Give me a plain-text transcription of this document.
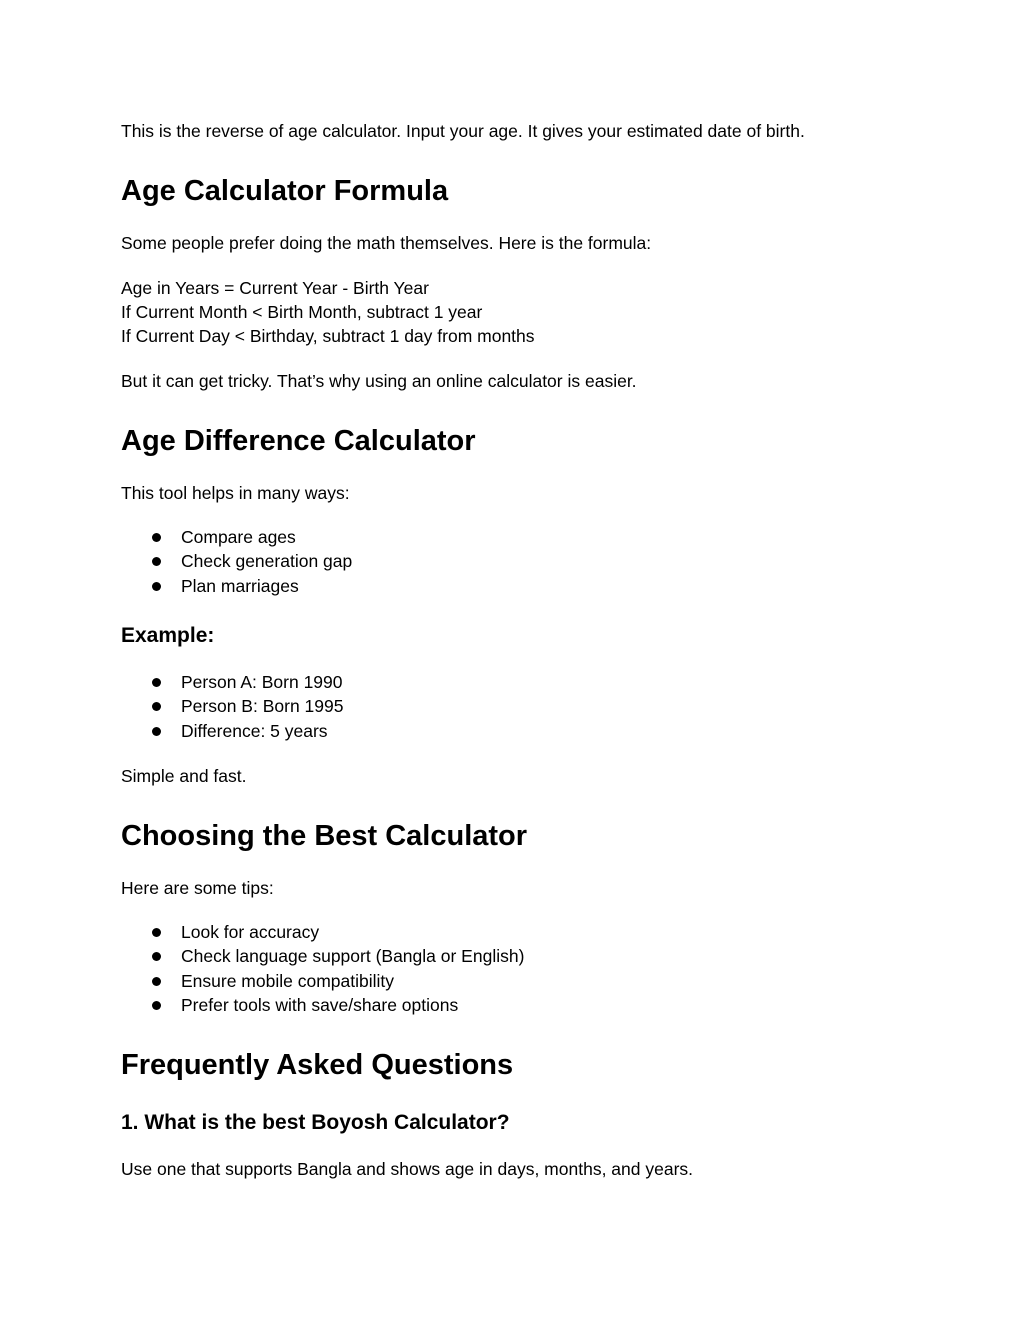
This is the reverse of age calculator. Input your age. It gives your estimated date of birth.

Age Calculator Formula

Some people prefer doing the math themselves. Here is the formula:

Age in Years = Current Year - Birth Year

If Current Month < Birth Month, subtract 1 year

If Current Day < Birthday, subtract 1 day from months

But it can get tricky. That’s why using an online calculator is easier.

Age Difference Calculator

This tool helps in many ways:

Compare ages
Check generation gap
Plan marriages
Example:
Person A: Born 1990
Person B: Born 1995
Difference: 5 years

Simple and fast.

Choosing the Best Calculator

Here are some tips:

Look for accuracy
Check language support (Bangla or English)
Ensure mobile compatibility
Prefer tools with save/share options
Frequently Asked Questions
1. What is the best Boyosh Calculator?

Use one that supports Bangla and shows age in days, months, and years.
